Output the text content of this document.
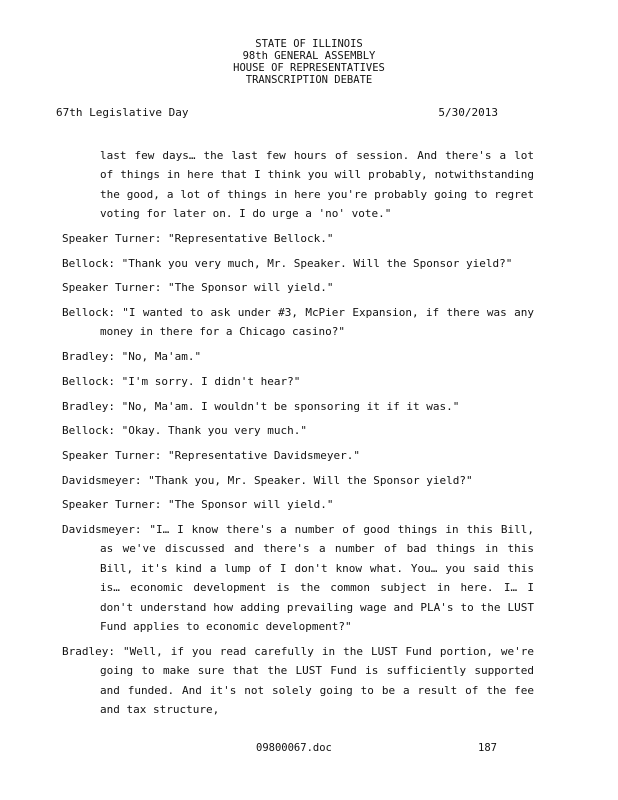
STATE OF ILLINOIS
98th GENERAL ASSEMBLY
HOUSE OF REPRESENTATIVES
TRANSCRIPTION DEBATE
67th Legislative Day	5/30/2013

last few days… the last few hours of session. And there's a lot of things in here that I think you will probably, notwithstanding the good, a lot of things in here you're probably going to regret voting for later on. I do urge a 'no' vote."

Speaker Turner: "Representative Bellock."

Bellock: "Thank you very much, Mr. Speaker. Will the Sponsor yield?"

Speaker Turner: "The Sponsor will yield."

Bellock: "I wanted to ask under #3, McPier Expansion, if there was any money in there for a Chicago casino?"

Bradley: "No, Ma'am."

Bellock: "I'm sorry. I didn't hear?"

Bradley: "No, Ma'am. I wouldn't be sponsoring it if it was."

Bellock: "Okay. Thank you very much."

Speaker Turner: "Representative Davidsmeyer."

Davidsmeyer: "Thank you, Mr. Speaker. Will the Sponsor yield?"

Speaker Turner: "The Sponsor will yield."

Davidsmeyer: "I… I know there's a number of good things in this Bill, as we've discussed and there's a number of bad things in this Bill, it's kind a lump of I don't know what. You… you said this is… economic development is the common subject in here. I… I don't understand how adding prevailing wage and PLA's to the LUST Fund applies to economic development?"

Bradley: "Well, if you read carefully in the LUST Fund portion, we're going to make sure that the LUST Fund is sufficiently supported and funded. And it's not solely going to be a result of the fee and tax structure,

09800067.doc	187
